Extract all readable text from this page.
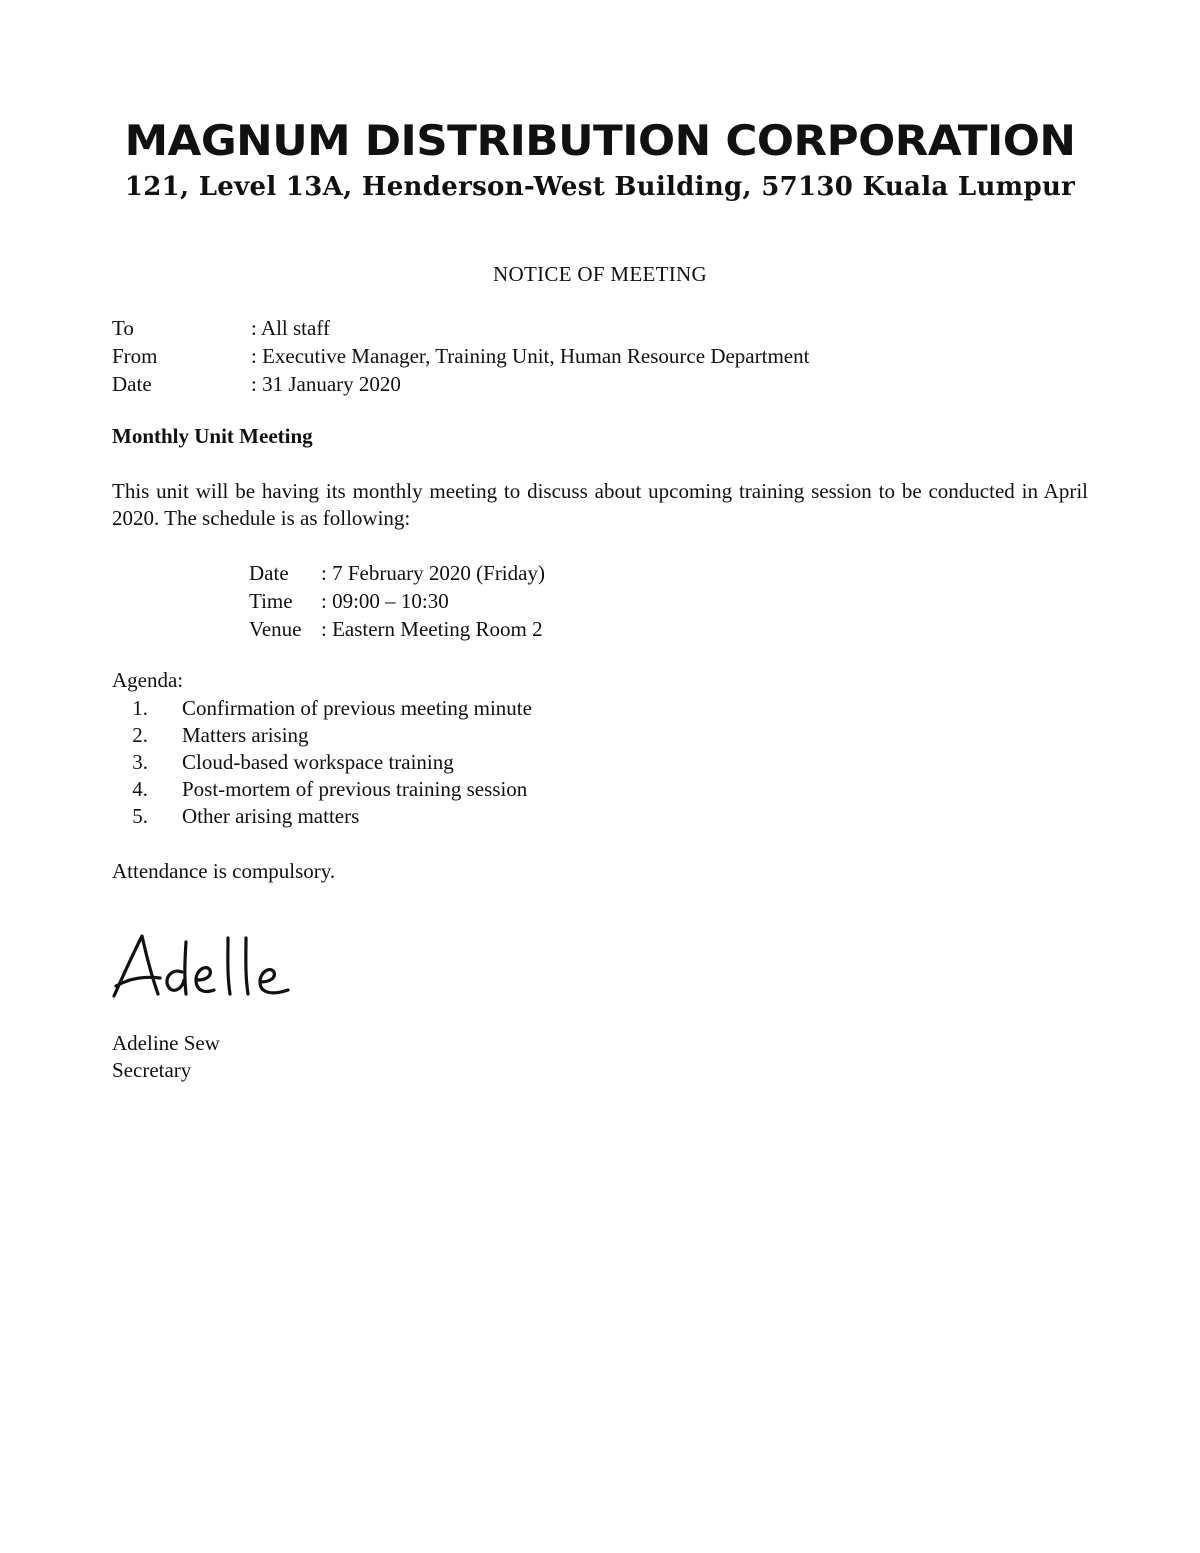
MAGNUM DISTRIBUTION CORPORATION
121, Level 13A, Henderson-West Building, 57130 Kuala Lumpur
NOTICE OF MEETING
To	: All staff
From	: Executive Manager, Training Unit, Human Resource Department
Date	: 31 January 2020
Monthly Unit Meeting
This unit will be having its monthly meeting to discuss about upcoming training session to be conducted in April 2020. The schedule is as following:
Date	: 7 February 2020 (Friday)
Time	: 09:00 – 10:30
Venue : Eastern Meeting Room 2
Agenda:
1. Confirmation of previous meeting minute
2. Matters arising
3. Cloud-based workspace training
4. Post-mortem of previous training session
5. Other arising matters
Attendance is compulsory.
Adeline Sew
Secretary
